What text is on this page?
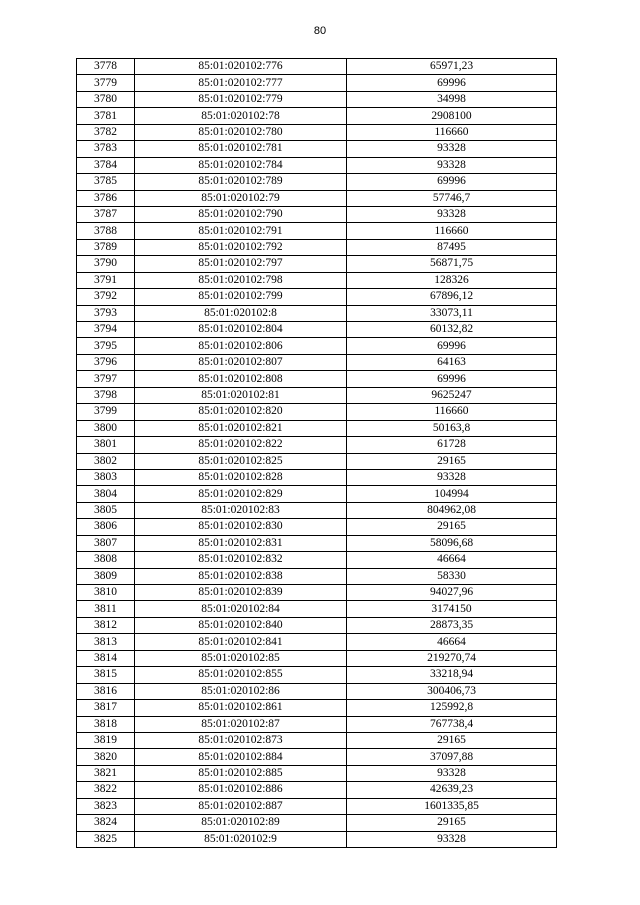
80
3778	85:01:020102:776	65971,23
3779	85:01:020102:777	69996
3780	85:01:020102:779	34998
3781	85:01:020102:78	2908100
3782	85:01:020102:780	116660
3783	85:01:020102:781	93328
3784	85:01:020102:784	93328
3785	85:01:020102:789	69996
3786	85:01:020102:79	57746,7
3787	85:01:020102:790	93328
3788	85:01:020102:791	116660
3789	85:01:020102:792	87495
3790	85:01:020102:797	56871,75
3791	85:01:020102:798	128326
3792	85:01:020102:799	67896,12
3793	85:01:020102:8	33073,11
3794	85:01:020102:804	60132,82
3795	85:01:020102:806	69996
3796	85:01:020102:807	64163
3797	85:01:020102:808	69996
3798	85:01:020102:81	9625247
3799	85:01:020102:820	116660
3800	85:01:020102:821	50163,8
3801	85:01:020102:822	61728
3802	85:01:020102:825	29165
3803	85:01:020102:828	93328
3804	85:01:020102:829	104994
3805	85:01:020102:83	804962,08
3806	85:01:020102:830	29165
3807	85:01:020102:831	58096,68
3808	85:01:020102:832	46664
3809	85:01:020102:838	58330
3810	85:01:020102:839	94027,96
3811	85:01:020102:84	3174150
3812	85:01:020102:840	28873,35
3813	85:01:020102:841	46664
3814	85:01:020102:85	219270,74
3815	85:01:020102:855	33218,94
3816	85:01:020102:86	300406,73
3817	85:01:020102:861	125992,8
3818	85:01:020102:87	767738,4
3819	85:01:020102:873	29165
3820	85:01:020102:884	37097,88
3821	85:01:020102:885	93328
3822	85:01:020102:886	42639,23
3823	85:01:020102:887	1601335,85
3824	85:01:020102:89	29165
3825	85:01:020102:9	93328
